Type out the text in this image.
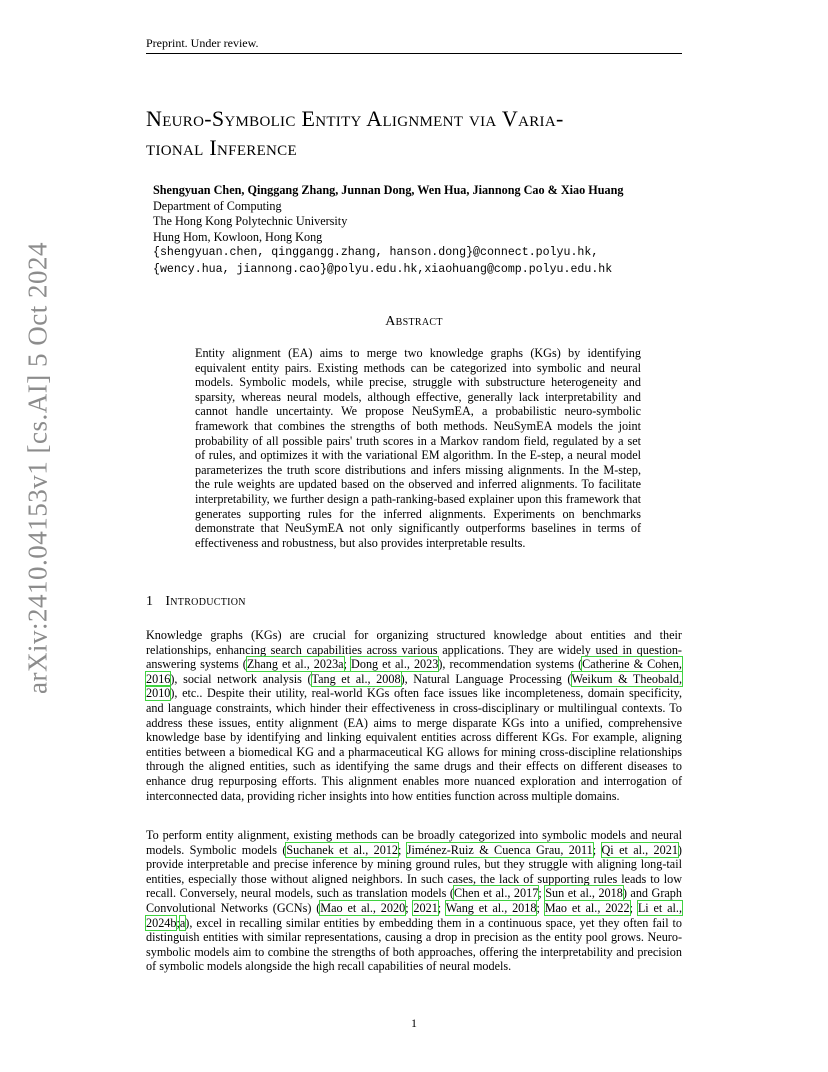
Preprint. Under review.
arXiv:2410.04153v1 [cs.AI] 5 Oct 2024
Neuro-Symbolic Entity Alignment via Varia-
tional Inference
Shengyuan Chen, Qinggang Zhang, Junnan Dong, Wen Hua, Jiannong Cao & Xiao Huang
Department of Computing
The Hong Kong Polytechnic University
Hung Hom, Kowloon, Hong Kong
{shengyuan.chen, qinggangg.zhang, hanson.dong}@connect.polyu.hk,
{wency.hua, jiannong.cao}@polyu.edu.hk,xiaohuang@comp.polyu.edu.hk
Abstract
Entity alignment (EA) aims to merge two knowledge graphs (KGs) by identifying equivalent entity pairs. Existing methods can be categorized into symbolic and neural models. Symbolic models, while precise, struggle with substructure heterogeneity and sparsity, whereas neural models, although effective, generally lack interpretability and cannot handle uncertainty. We propose NeuSymEA, a probabilistic neuro-symbolic framework that combines the strengths of both methods. NeuSymEA models the joint probability of all possible pairs' truth scores in a Markov random field, regulated by a set of rules, and optimizes it with the variational EM algorithm. In the E-step, a neural model parameterizes the truth score distributions and infers missing alignments. In the M-step, the rule weights are updated based on the observed and inferred alignments. To facilitate interpretability, we further design a path-ranking-based explainer upon this framework that generates supporting rules for the inferred alignments. Experiments on benchmarks demonstrate that NeuSymEA not only significantly outperforms baselines in terms of effectiveness and robustness, but also provides interpretable results.
1 Introduction

Knowledge graphs (KGs) are crucial for organizing structured knowledge about entities and their relationships, enhancing search capabilities across various applications. They are widely used in question-answering systems (Zhang et al., 2023a; Dong et al., 2023), recommendation systems (Catherine & Cohen, 2016), social network analysis (Tang et al., 2008), Natural Language Processing (Weikum & Theobald, 2010), etc.. Despite their utility, real-world KGs often face issues like incompleteness, domain specificity, and language constraints, which hinder their effectiveness in cross-disciplinary or multilingual contexts. To address these issues, entity alignment (EA) aims to merge disparate KGs into a unified, comprehensive knowledge base by identifying and linking equivalent entities across different KGs. For example, aligning entities between a biomedical KG and a pharmaceutical KG allows for mining cross-discipline relationships through the aligned entities, such as identifying the same drugs and their effects on different diseases to enhance drug repurposing efforts. This alignment enables more nuanced exploration and interrogation of interconnected data, providing richer insights into how entities function across multiple domains.

To perform entity alignment, existing methods can be broadly categorized into symbolic models and neural models. Symbolic models (Suchanek et al., 2012; Jiménez-Ruiz & Cuenca Grau, 2011; Qi et al., 2021) provide interpretable and precise inference by mining ground rules, but they struggle with aligning long-tail entities, especially those without aligned neighbors. In such cases, the lack of supporting rules leads to low recall. Conversely, neural models, such as translation models (Chen et al., 2017; Sun et al., 2018) and Graph Convolutional Networks (GCNs) (Mao et al., 2020; 2021; Wang et al., 2018; Mao et al., 2022; Li et al., 2024b;a), excel in recalling similar entities by embedding them in a continuous space, yet they often fail to distinguish entities with similar representations, causing a drop in precision as the entity pool grows. Neuro-symbolic models aim to combine the strengths of both approaches, offering the interpretability and precision of symbolic models alongside the high recall capabilities of neural models.

1
